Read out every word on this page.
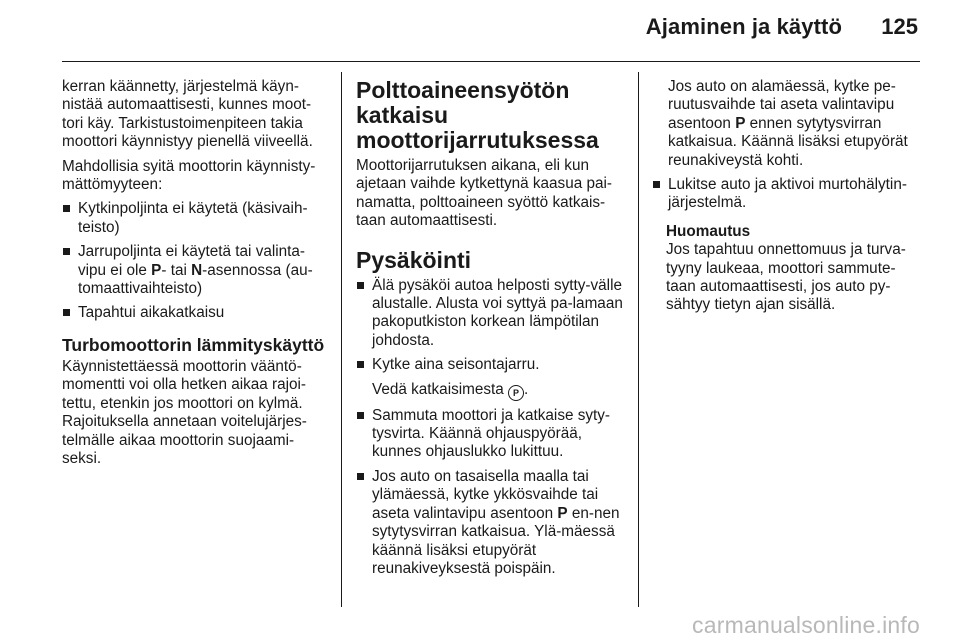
Ajaminen ja käyttö 125

kerran käännetty, järjestelmä käyn-nistää automaattisesti, kunnes moot-tori käy. Tarkistustoimenpiteen takia moottori käynnistyy pienellä viiveellä.

Mahdollisia syitä moottorin käynnisty-mättömyyteen:

Kytkinpoljinta ei käytetä (käsivaih-teisto)
Jarrupoljinta ei käytetä tai valinta-vipu ei ole P- tai N-asennossa (au-tomaattivaihteisto)
Tapahtui aikakatkaisu
Turbomoottorin lämmityskäyttö

Käynnistettäessä moottorin vääntö-momentti voi olla hetken aikaa rajoi-tettu, etenkin jos moottori on kylmä. Rajoituksella annetaan voitelujärjes-telmälle aikaa moottorin suojaami-seksi.

Polttoaineensyötön katkaisu moottorijarrutuksessa

Moottorijarrutuksen aikana, eli kun ajetaan vaihde kytkettynä kaasua pai-namatta, polttoaineen syöttö katkais-taan automaattisesti.

Pysäköinti
Älä pysäköi autoa helposti sytty-välle alustalle. Alusta voi syttyä pa-lamaan pakoputkiston korkean lämpötilan johdosta.
Kytke aina seisontajarru.
Vedä katkaisimesta P .
Sammuta moottori ja katkaise syty-tysvirta. Käännä ohjauspyörää, kunnes ohjauslukko lukittuu.
Jos auto on tasaisella maalla tai ylämäessä, kytke ykkösvaihde tai aseta valintavipu asentoon P en-nen sytytysvirran katkaisua. Ylä-mäessä käännä lisäksi etupyörät reunakiveyksestä poispäin.
Jos auto on alamäessä, kytke pe-ruutusvaihde tai aseta valintavipu asentoon P ennen sytytysvirran katkaisua. Käännä lisäksi etupyörät reunakiveystä kohti.
Lukitse auto ja aktivoi murtohälytin-järjestelmä.
Huomautus

Jos tapahtuu onnettomuus ja turva-tyyny laukeaa, moottori sammute-taan automaattisesti, jos auto py-sähtyy tietyn ajan sisällä.

carmanualsonline.info
